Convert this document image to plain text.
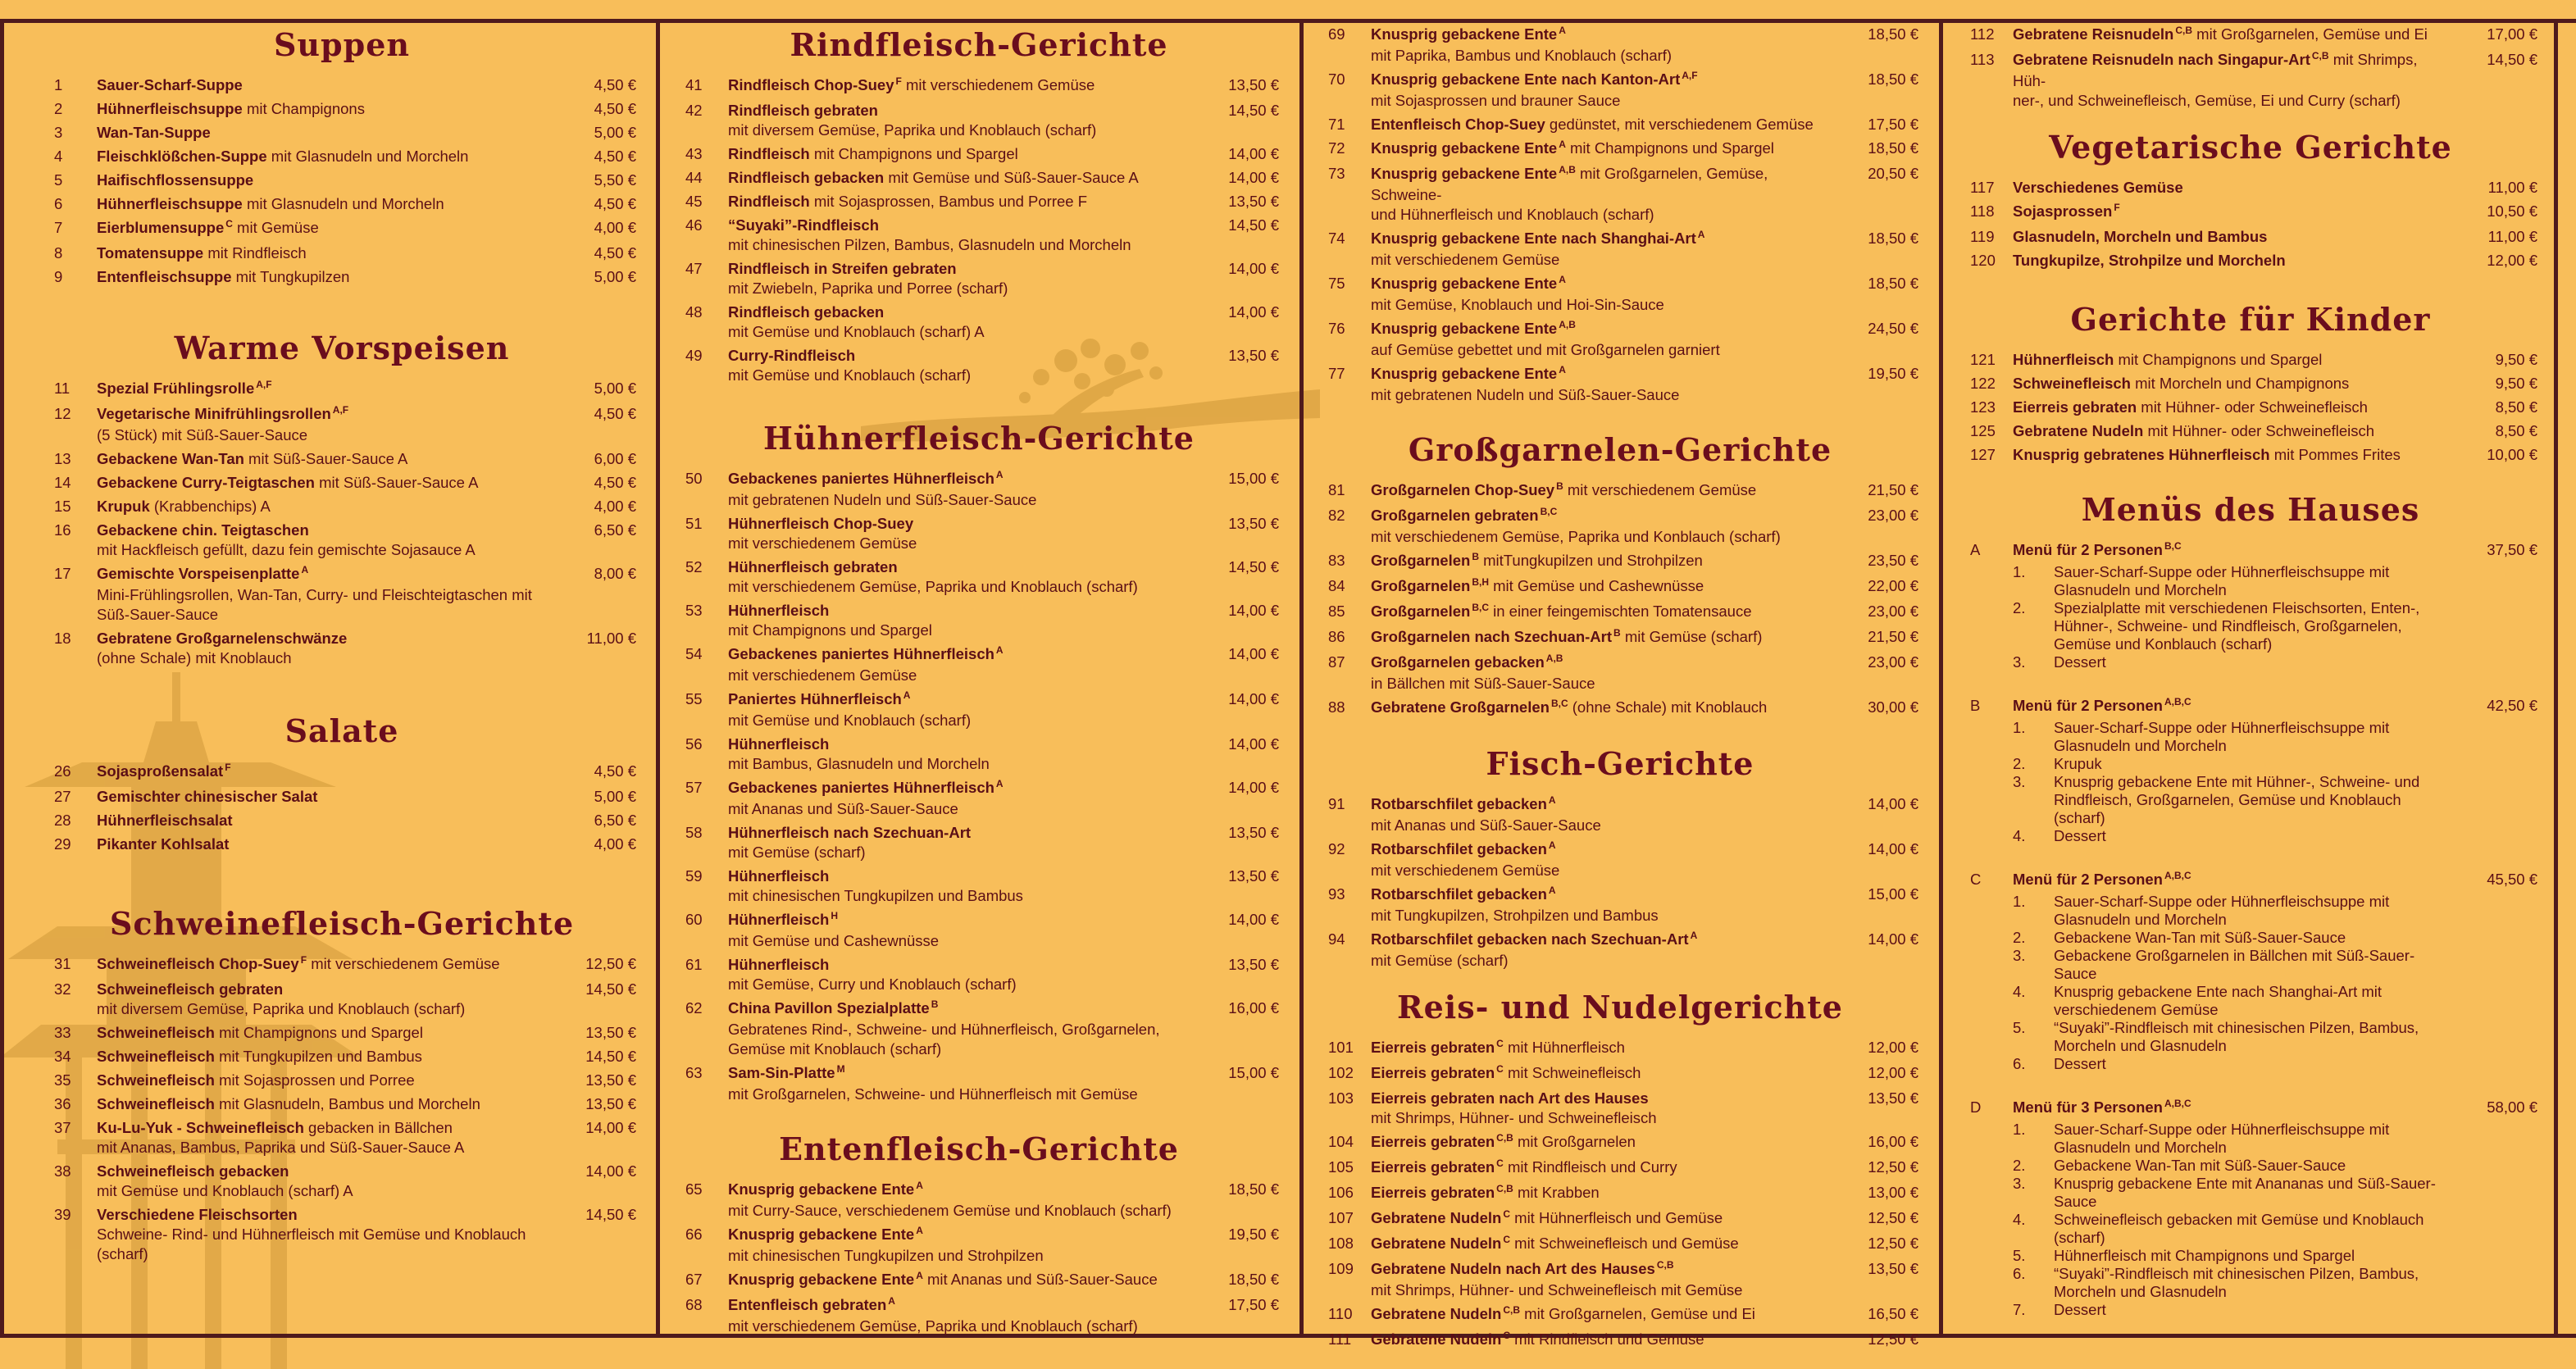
Suppen
1	Sauer-Scharf-Suppe	4,50 €
2	Hühnerfleischsuppe mit Champignons	4,50 €
3	Wan-Tan-Suppe	5,00 €
4	Fleischklößchen-Suppe mit Glasnudeln und Morcheln	4,50 €
5	Haifischflossensuppe	5,50 €
6	Hühnerfleischsuppe mit Glasnudeln und Morcheln	4,50 €
7	Eierblumensuppe $^C$ mit Gemüse	4,00 €
8	Tomatensuppe mit Rindfleisch	4,50 €
9	Entenfleischsuppe mit Tungkupilzen	5,00 €
Warme Vorspeisen
11	Spezial Frühlingsrolle $^{A,F}$	5,00 €
12	Vegetarische Minifrühlingsrollen $^{A,F}$
(5 Stück) mit Süß-Sauer-Sauce
4,50 €
13	Gebackene Wan-Tan mit Süß-Sauer-Sauce A	6,00 €
14	Gebackene Curry-Teigtaschen mit Süß-Sauer-Sauce A	4,50 €
15	Krupuk (Krabbenchips) A	4,00 €
16	Gebackene chin. Teigtaschen
mit Hackfleisch gefüllt, dazu fein gemischte Sojasauce A
6,50 €
17	Gemischte Vorspeisenplatte $^A$
Mini-Frühlingsrollen, Wan-Tan, Curry- und Fleischteigtaschen mit Süß-Sauer-Sauce
8,00 €
18	Gebratene Großgarnelenschwänze
(ohne Schale) mit Knoblauch
11,00 €
Salate
26	Sojasproßensalat $^F$	4,50 €
27	Gemischter chinesischer Salat	5,00 €
28	Hühnerfleischsalat	6,50 €
29	Pikanter Kohlsalat	4,00 €
Schweinefleisch-Gerichte
31	Schweinefleisch Chop-Suey $^F$ mit verschiedenem Gemüse	12,50 €
32	Schweinefleisch gebraten
mit diversem Gemüse, Paprika und Knoblauch (scharf)
14,50 €
33	Schweinefleisch mit Champignons und Spargel	13,50 €
34	Schweinefleisch mit Tungkupilzen und Bambus	14,50 €
35	Schweinefleisch mit Sojasprossen und Porree	13,50 €
36	Schweinefleisch mit Glasnudeln, Bambus und Morcheln	13,50 €
37	Ku-Lu-Yuk - Schweinefleisch gebacken in Bällchen
mit Ananas, Bambus, Paprika und Süß-Sauer-Sauce A
14,00 €
38	Schweinefleisch gebacken
mit Gemüse und Knoblauch (scharf) A
14,00 €
39	Verschiedene Fleischsorten
Schweine- Rind- und Hühnerfleisch mit Gemüse und Knoblauch (scharf)
14,50 €
Rindfleisch-Gerichte
41	Rindfleisch Chop-Suey $^F$ mit verschiedenem Gemüse	13,50 €
42	Rindfleisch gebraten
mit diversem Gemüse, Paprika und Knoblauch (scharf)
14,50 €
43	Rindfleisch mit Champignons und Spargel	14,00 €
44	Rindfleisch gebacken mit Gemüse und Süß-Sauer-Sauce A	14,00 €
45	Rindfleisch mit Sojasprossen, Bambus und Porree F	13,50 €
46	“Suyaki”-Rindfleisch
mit chinesischen Pilzen, Bambus, Glasnudeln und Morcheln
14,50 €
47	Rindfleisch in Streifen gebraten
mit Zwiebeln, Paprika und Porree (scharf)
14,00 €
48	Rindfleisch gebacken
mit Gemüse und Knoblauch (scharf) A
14,00 €
49	Curry-Rindfleisch
mit Gemüse und Knoblauch (scharf)
13,50 €
Hühnerfleisch-Gerichte
50	Gebackenes paniertes Hühnerfleisch $^A$
mit gebratenen Nudeln und Süß-Sauer-Sauce
15,00 €
51	Hühnerfleisch Chop-Suey
mit verschiedenem Gemüse
13,50 €
52	Hühnerfleisch gebraten
mit verschiedenem Gemüse, Paprika und Knoblauch (scharf)
14,50 €
53	Hühnerfleisch
mit Champignons und Spargel
14,00 €
54	Gebackenes paniertes Hühnerfleisch $^A$
mit verschiedenem Gemüse
14,00 €
55	Paniertes Hühnerfleisch $^A$
mit Gemüse und Knoblauch (scharf)
14,00 €
56	Hühnerfleisch
mit Bambus, Glasnudeln und Morcheln
14,00 €
57	Gebackenes paniertes Hühnerfleisch $^A$
mit Ananas und Süß-Sauer-Sauce
14,00 €
58	Hühnerfleisch nach Szechuan-Art
mit Gemüse (scharf)
13,50 €
59	Hühnerfleisch
mit chinesischen Tungkupilzen und Bambus
13,50 €
60	Hühnerfleisch $^H$
mit Gemüse und Cashewnüsse
14,00 €
61	Hühnerfleisch
mit Gemüse, Curry und Knoblauch (scharf)
13,50 €
62	China Pavillon Spezialplatte $^B$
Gebratenes Rind-, Schweine- und Hühnerfleisch, Großgarnelen, Gemüse mit Knoblauch (scharf)
16,00 €
63	Sam-Sin-Platte $^M$
mit Großgarnelen, Schweine- und Hühnerfleisch mit Gemüse
15,00 €
Entenfleisch-Gerichte
65	Knusprig gebackene Ente $^A$
mit Curry-Sauce, verschiedenem Gemüse und Knoblauch (scharf)
18,50 €
66	Knusprig gebackene Ente $^A$
mit chinesischen Tungkupilzen und Strohpilzen
19,50 €
67	Knusprig gebackene Ente $^A$ mit Ananas und Süß-Sauer-Sauce	18,50 €
68	Entenfleisch gebraten $^A$
mit verschiedenem Gemüse, Paprika und Knoblauch (scharf)
17,50 €
69	Knusprig gebackene Ente $^A$
mit Paprika, Bambus und Knoblauch (scharf)
18,50 €
70	Knusprig gebackene Ente nach Kanton-Art $^{A,F}$
mit Sojasprossen und brauner Sauce
18,50 €
71	Entenfleisch Chop-Suey gedünstet, mit verschiedenem Gemüse	17,50 €
72	Knusprig gebackene Ente $^A$ mit Champignons und Spargel	18,50 €
73	Knusprig gebackene Ente $^{A,B}$ mit Großgarnelen, Gemüse, Schweine-
und Hühnerfleisch und Knoblauch (scharf)
20,50 €
74	Knusprig gebackene Ente nach Shanghai-Art $^A$
mit verschiedenem Gemüse
18,50 €
75	Knusprig gebackene Ente $^A$
mit Gemüse, Knoblauch und Hoi-Sin-Sauce
18,50 €
76	Knusprig gebackene Ente $^{A,B}$
auf Gemüse gebettet und mit Großgarnelen garniert
24,50 €
77	Knusprig gebackene Ente $^A$
mit gebratenen Nudeln und Süß-Sauer-Sauce
19,50 €
Großgarnelen-Gerichte
81	Großgarnelen Chop-Suey $^B$ mit verschiedenem Gemüse	21,50 €
82	Großgarnelen gebraten $^{B,C}$
mit verschiedenem Gemüse, Paprika und Konblauch (scharf)
23,00 €
83	Großgarnelen $^B$ mitTungkupilzen und Strohpilzen	23,50 €
84	Großgarnelen $^{B,H}$ mit Gemüse und Cashewnüsse	22,00 €
85	Großgarnelen $^{B,C}$ in einer feingemischten Tomatensauce	23,00 €
86	Großgarnelen nach Szechuan-Art $^B$ mit Gemüse (scharf)	21,50 €
87	Großgarnelen gebacken $^{A,B}$
in Bällchen mit Süß-Sauer-Sauce
23,00 €
88	Gebratene Großgarnelen $^{B,C}$ (ohne Schale) mit Knoblauch	30,00 €
Fisch-Gerichte
91	Rotbarschfilet gebacken $^A$
mit Ananas und Süß-Sauer-Sauce
14,00 €
92	Rotbarschfilet gebacken $^A$
mit verschiedenem Gemüse
14,00 €
93	Rotbarschfilet gebacken $^A$
mit Tungkupilzen, Strohpilzen und Bambus
15,00 €
94	Rotbarschfilet gebacken nach Szechuan-Art $^A$
mit Gemüse (scharf)
14,00 €
Reis- und Nudelgerichte
101	Eierreis gebraten $^C$ mit Hühnerfleisch	12,00 €
102	Eierreis gebraten $^C$ mit Schweinefleisch	12,00 €
103	Eierreis gebraten nach Art des Hauses
mit Shrimps, Hühner- und Schweinefleisch
13,50 €
104	Eierreis gebraten $^{C,B}$ mit Großgarnelen	16,00 €
105	Eierreis gebraten $^C$ mit Rindfleisch und Curry	12,50 €
106	Eierreis gebraten $^{C,B}$ mit Krabben	13,00 €
107	Gebratene Nudeln $^C$ mit Hühnerfleisch und Gemüse	12,50 €
108	Gebratene Nudeln $^C$ mit Schweinefleisch und Gemüse	12,50 €
109	Gebratene Nudeln nach Art des Hauses $^{C,B}$
mit Shrimps, Hühner- und Schweinefleisch mit Gemüse
13,50 €
110	Gebratene Nudeln $^{C,B}$ mit Großgarnelen, Gemüse und Ei	16,50 €
111	Gebratene Nudeln $^C$ mit Rindfleisch und Gemüse	12,50 €
112	Gebratene Reisnudeln $^{C,B}$ mit Großgarnelen, Gemüse und Ei	17,00 €
113	Gebratene Reisnudeln nach Singapur-Art $^{C,B}$ mit Shrimps, Hüh-
ner-, und Schweinefleisch, Gemüse, Ei und Curry (scharf)
14,50 €
Vegetarische Gerichte
117	Verschiedenes Gemüse	11,00 €
118	Sojasprossen $^F$	10,50 €
119	Glasnudeln, Morcheln und Bambus	11,00 €
120	Tungkupilze, Strohpilze und Morcheln	12,00 €
Gerichte für Kinder
121	Hühnerfleisch mit Champignons und Spargel	9,50 €
122	Schweinefleisch mit Morcheln und Champignons	9,50 €
123	Eierreis gebraten mit Hühner- oder Schweinefleisch	8,50 €
125	Gebratene Nudeln mit Hühner- oder Schweinefleisch	8,50 €
127	Knusprig gebratenes Hühnerfleisch mit Pommes Frites	10,00 €
Menüs des Hauses
A	Menü für 2 Personen $^{B,C}$
1.	Sauer-Scharf-Suppe oder Hühnerfleischsuppe mit Glasnudeln und Morcheln
2.	Spezialplatte mit verschiedenen Fleischsorten, Enten-, Hühner-, Schweine- und Rindfleisch, Großgarnelen, Gemüse und Konblauch (scharf)
3.	Dessert
37,50 €
B	Menü für 2 Personen $^{A,B,C}$
1.	Sauer-Scharf-Suppe oder Hühnerfleischsuppe mit Glasnudeln und Morcheln
2.	Krupuk
3.	Knusprig gebackene Ente mit Hühner-, Schweine- und Rindfleisch, Großgarnelen, Gemüse und Knoblauch (scharf)
4.	Dessert
42,50 €
C	Menü für 2 Personen $^{A,B,C}$
1.	Sauer-Scharf-Suppe oder Hühnerfleischsuppe mit Glasnudeln und Morcheln
2.	Gebackene Wan-Tan mit Süß-Sauer-Sauce
3.	Gebackene Großgarnelen in Bällchen mit Süß-Sauer-Sauce
4.	Knusprig gebackene Ente nach Shanghai-Art mit verschiedenem Gemüse
5.	“Suyaki”-Rindfleisch mit chinesischen Pilzen, Bambus, Morcheln und Glasnudeln
6.	Dessert
45,50 €
D	Menü für 3 Personen $^{A,B,C}$
1.	Sauer-Scharf-Suppe oder Hühnerfleischsuppe mit Glasnudeln und Morcheln
2.	Gebackene Wan-Tan mit Süß-Sauer-Sauce
3.	Knusprig gebackene Ente mit Anananas und Süß-Sauer-Sauce
4.	Schweinefleisch gebacken mit Gemüse und Knoblauch (scharf)
5.	Hühnerfleisch mit Champignons und Spargel
6.	“Suyaki”-Rindfleisch mit chinesischen Pilzen, Bambus, Morcheln und Glasnudeln
7.	Dessert
58,00 €
